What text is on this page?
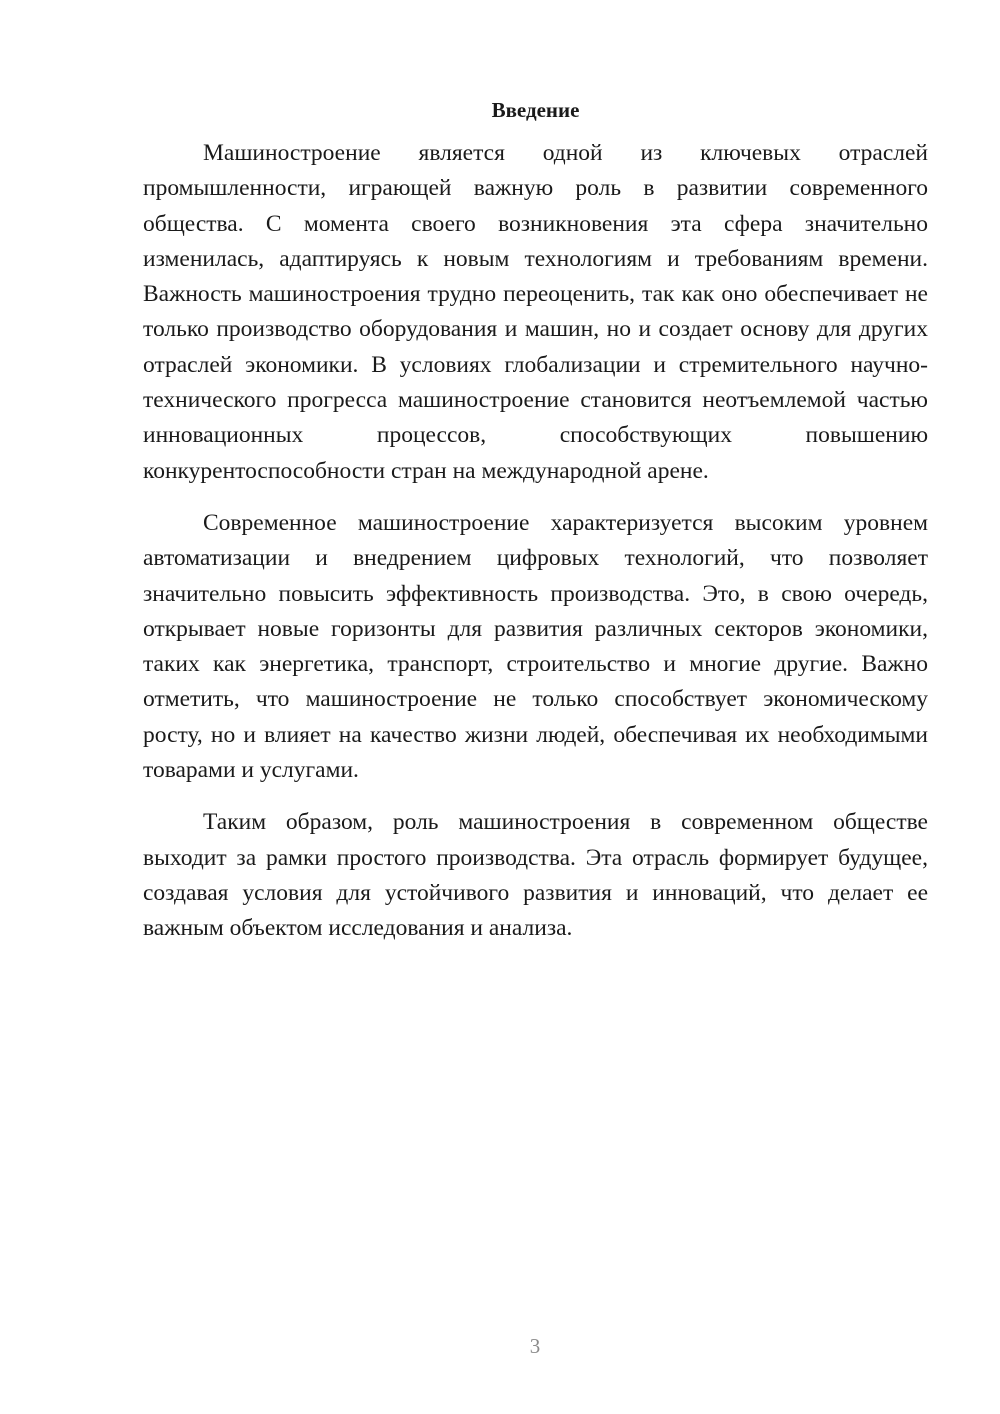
Введение

Машиностроение является одной из ключевых отраслей промышленности, играющей важную роль в развитии современного общества. С момента своего возникновения эта сфера значительно изменилась, адаптируясь к новым технологиям и требованиям времени. Важность машиностроения трудно переоценить, так как оно обеспечивает не только производство оборудования и машин, но и создает основу для других отраслей экономики. В условиях глобализации и стремительного научно-технического прогресса машиностроение становится неотъемлемой частью инновационных процессов, способствующих повышению конкурентоспособности стран на международной арене.

Современное машиностроение характеризуется высоким уровнем автоматизации и внедрением цифровых технологий, что позволяет значительно повысить эффективность производства. Это, в свою очередь, открывает новые горизонты для развития различных секторов экономики, таких как энергетика, транспорт, строительство и многие другие. Важно отметить, что машиностроение не только способствует экономическому росту, но и влияет на качество жизни людей, обеспечивая их необходимыми товарами и услугами.

Таким образом, роль машиностроения в современном обществе выходит за рамки простого производства. Эта отрасль формирует будущее, создавая условия для устойчивого развития и инноваций, что делает ее важным объектом исследования и анализа.

3
